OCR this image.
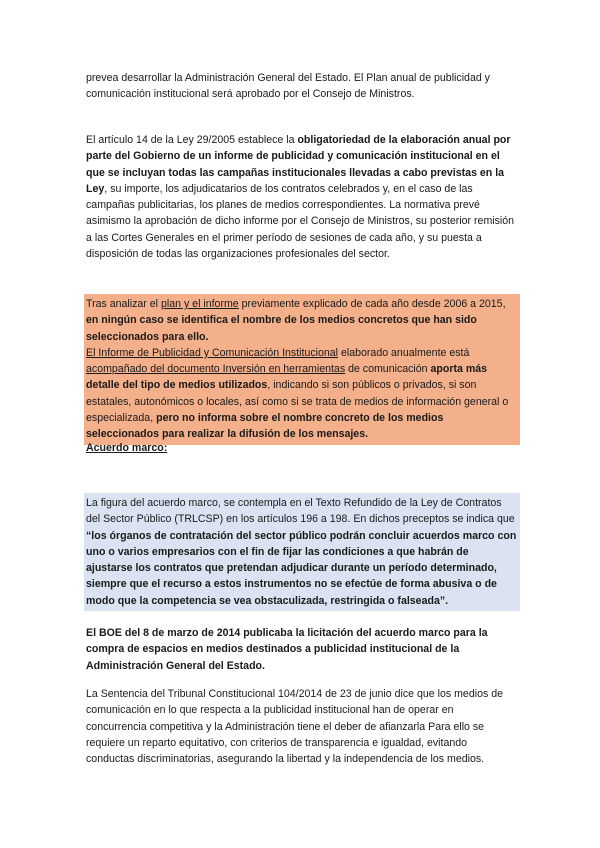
prevea desarrollar la Administración General del Estado. El Plan anual de publicidad y comunicación institucional será aprobado por el Consejo de Ministros.

El artículo 14 de la Ley 29/2005 establece la obligatoriedad de la elaboración anual por parte del Gobierno de un informe de publicidad y comunicación institucional en el que se incluyan todas las campañas institucionales llevadas a cabo previstas en la Ley, su importe, los adjudicatarios de los contratos celebrados y, en el caso de las campañas publicitarias, los planes de medios correspondientes. La normativa prevé asimismo la aprobación de dicho informe por el Consejo de Ministros, su posterior remisión a las Cortes Generales en el primer período de sesiones de cada año, y su puesta a disposición de todas las organizaciones profesionales del sector.

Tras analizar el plan y el informe previamente explicado de cada año desde 2006 a 2015, en ningún caso se identifica el nombre de los medios concretos que han sido seleccionados para ello.

El Informe de Publicidad y Comunicación Institucional elaborado anualmente está acompañado del documento Inversión en herramientas de comunicación aporta más detalle del tipo de medios utilizados, indicando si son públicos o privados, si son estatales, autonómicos o locales, así como si se trata de medios de información general o especializada, pero no informa sobre el nombre concreto de los medios seleccionados para realizar la difusión de los mensajes.

Acuerdo marco:

La figura del acuerdo marco, se contempla en el Texto Refundido de la Ley de Contratos del Sector Público (TRLCSP) en los artículos 196 a 198. En dichos preceptos se indica que “los órganos de contratación del sector público podrán concluir acuerdos marco con uno o varios empresarios con el fin de fijar las condiciones a que habrán de ajustarse los contratos que pretendan adjudicar durante un período determinado, siempre que el recurso a estos instrumentos no se efectúe de forma abusiva o de modo que la competencia se vea obstaculizada, restringida o falseada”.

El BOE del 8 de marzo de 2014 publicaba la licitación del acuerdo marco para la compra de espacios en medios destinados a publicidad institucional de la Administración General del Estado.

La Sentencia del Tribunal Constitucional 104/2014 de 23 de junio dice que los medios de comunicación en lo que respecta a la publicidad institucional han de operar en concurrencia competitiva y la Administración tiene el deber de afianzarla Para ello se requiere un reparto equitativo, con criterios de transparencia e igualdad, evitando conductas discriminatorias, asegurando la libertad y la independencia de los medios.
